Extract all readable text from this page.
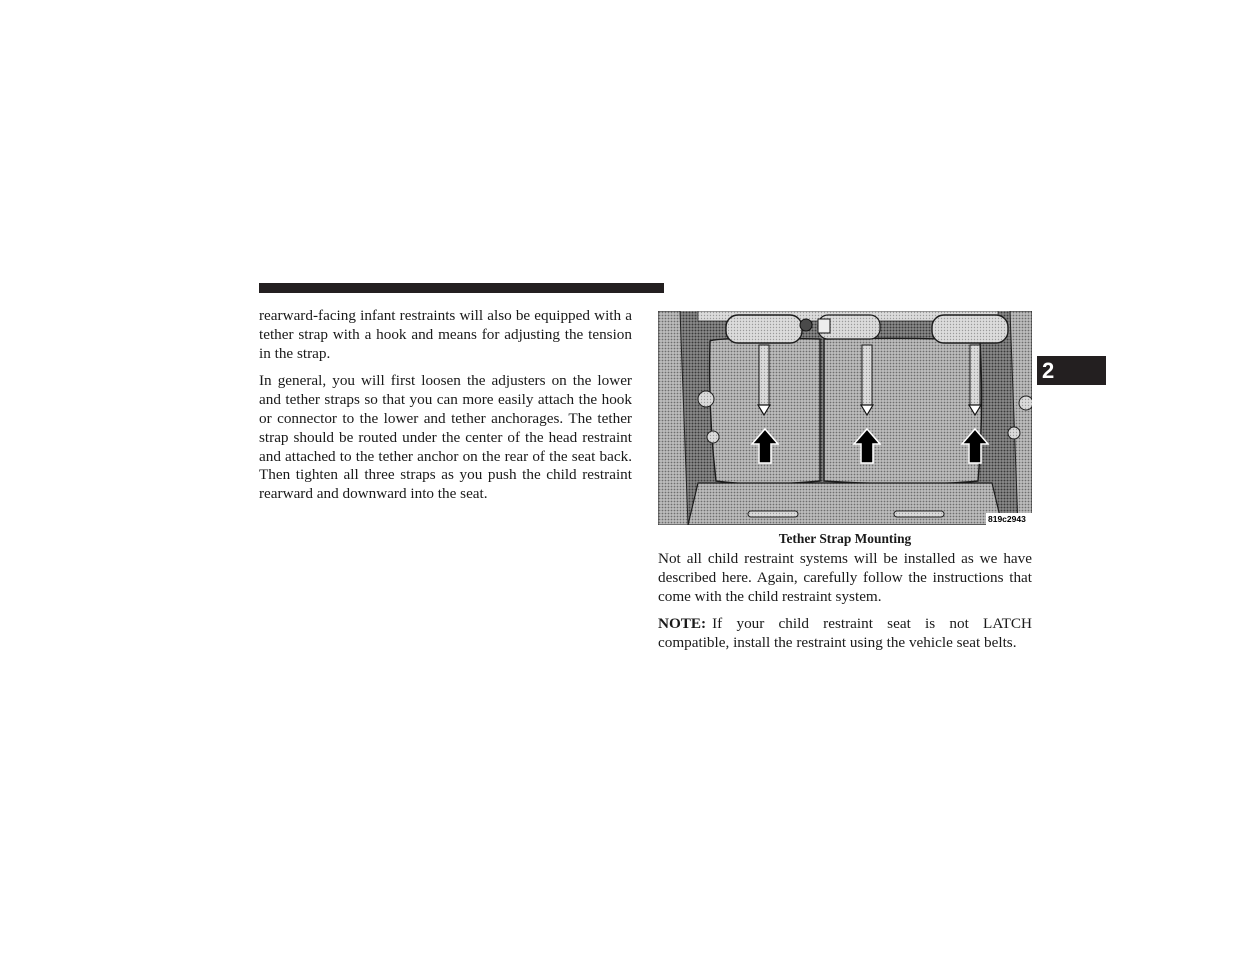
rearward-facing infant restraints will also be equipped with a tether strap with a hook and means for adjusting the tension in the strap.

In general, you will first loosen the adjusters on the lower and tether straps so that you can more easily attach the hook or connector to the lower and tether anchorages. The tether strap should be routed under the center of the head restraint and attached to the tether anchor on the rear of the seat back. Then tighten all three straps as you push the child restraint rearward and downward into the seat.

819c2943
Tether Strap Mounting

Not all child restraint systems will be installed as we have described here. Again, carefully follow the instructions that come with the child restraint system.

NOTE: If your child restraint seat is not LATCH compatible, install the restraint using the vehicle seat belts.

2
